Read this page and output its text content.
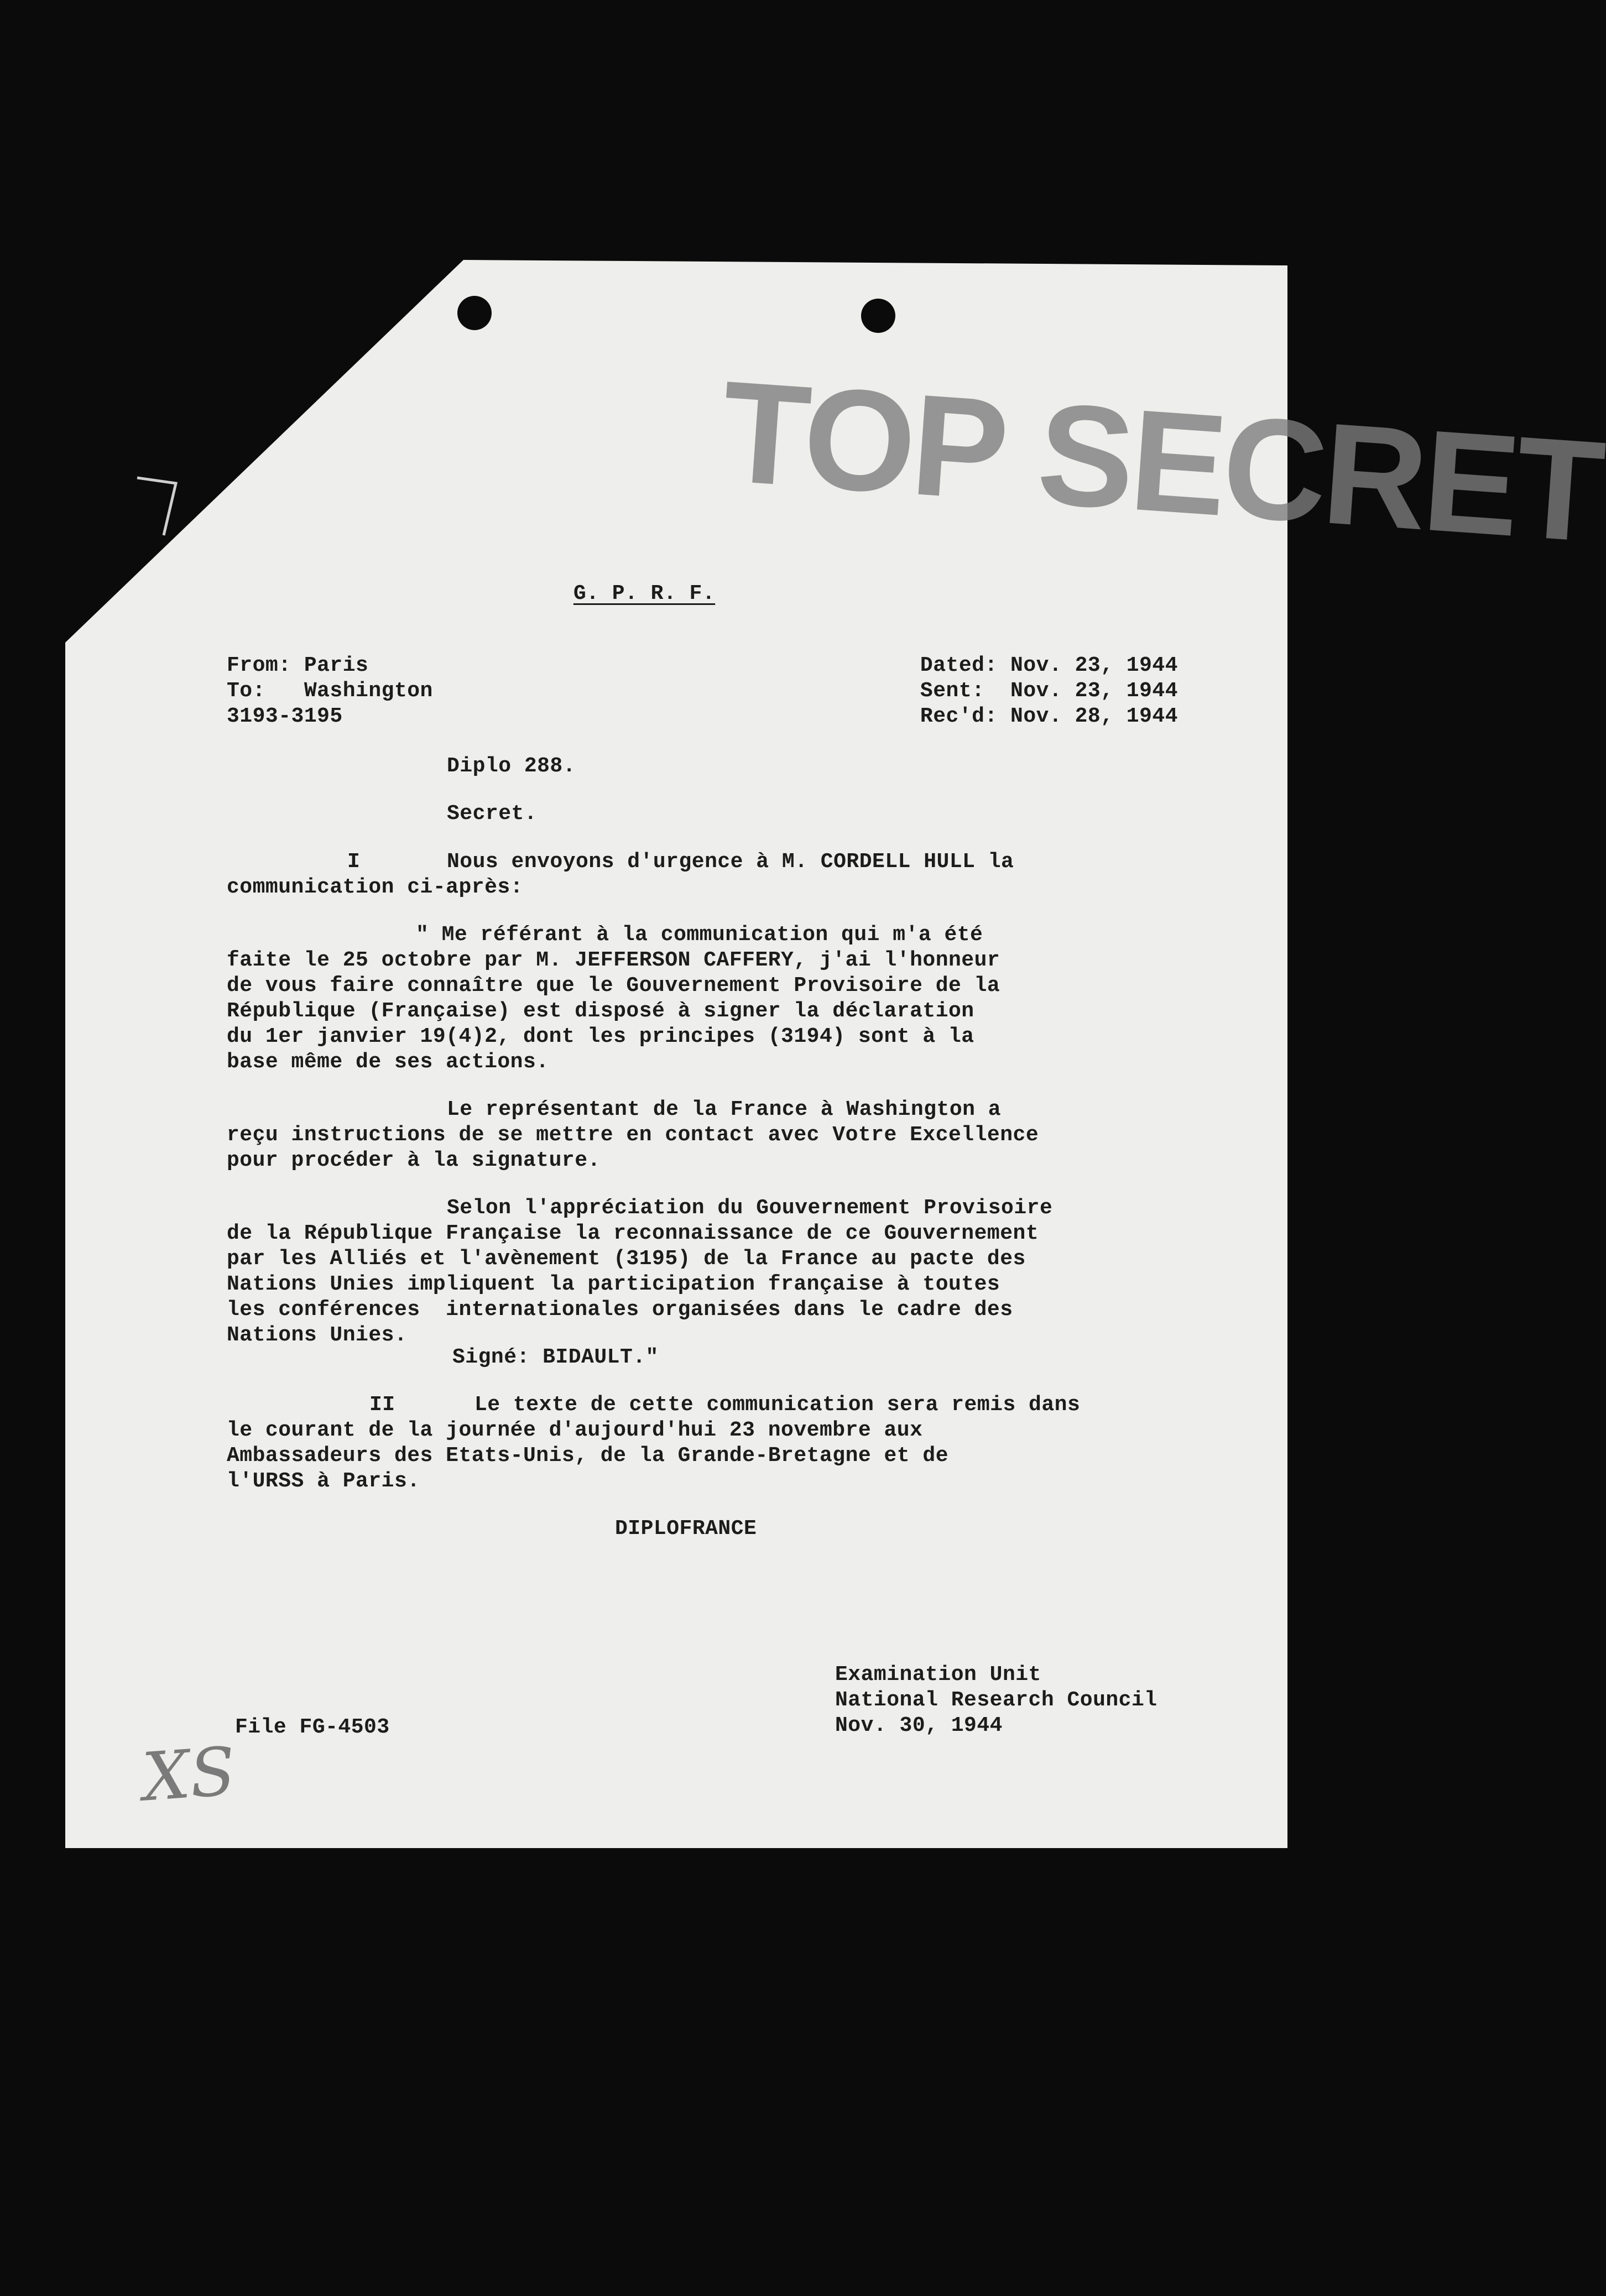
TOP SECRET

G. P. R. F.

From: Paris

To:   Washington

3193-3195

Dated: Nov. 23, 1944

Sent:  Nov. 23, 1944

Rec'd: Nov. 28, 1944

Diplo 288.

Secret.

I	Nous envoyons d'urgence à M. CORDELL HULL la

communication ci-après:

" Me référant à la communication qui m'a été

faite le 25 octobre par M. JEFFERSON CAFFERY, j'ai l'honneur

de vous faire connaître que le Gouvernement Provisoire de la

République (Française) est disposé à signer la déclaration

du 1er janvier 19(4)2, dont les principes (3194) sont à la

base même de ses actions.

Le représentant de la France à Washington a

reçu instructions de se mettre en contact avec Votre Excellence

pour procéder à la signature.

Selon l'appréciation du Gouvernement Provisoire

de la République Française la reconnaissance de ce Gouvernement

par les Alliés et l'avènement (3195) de la France au pacte des

Nations Unies impliquent la participation française à toutes

les conférences  internationales organisées dans le cadre des

Nations Unies.

Signé: BIDAULT."

II	Le texte de cette communication sera remis dans

le courant de la journée d'aujourd'hui 23 novembre aux

Ambassadeurs des Etats-Unis, de la Grande-Bretagne et de

l'URSS à Paris.

DIPLOFRANCE

Examination Unit

National Research Council

Nov. 30, 1944

File FG-4503

XS
